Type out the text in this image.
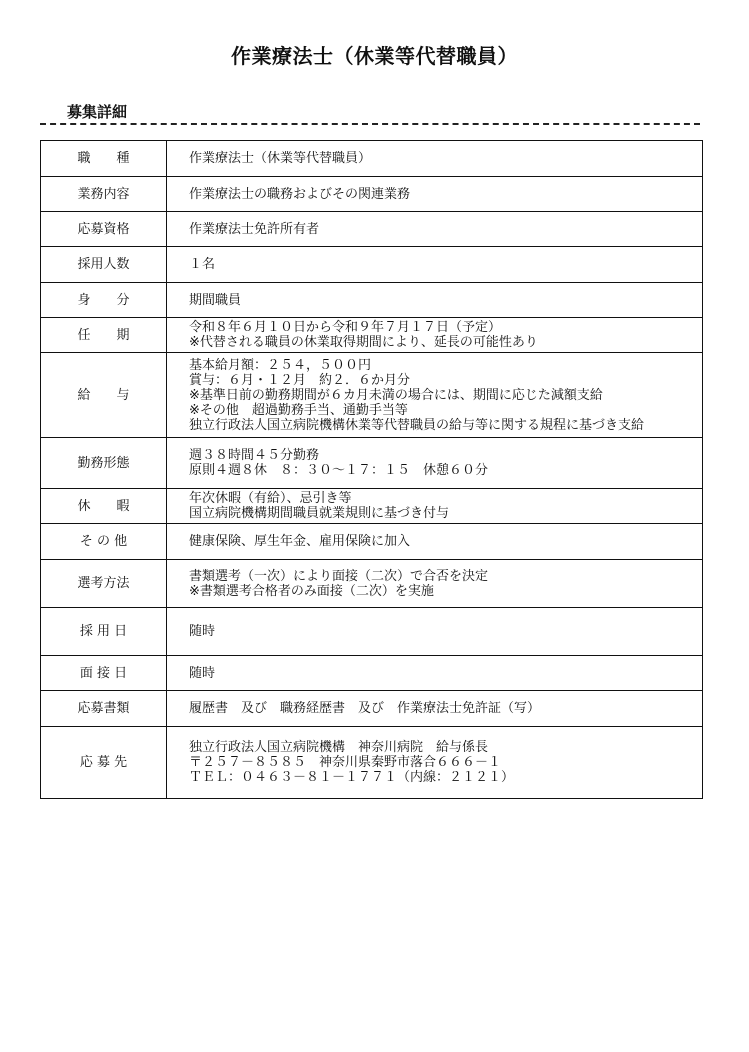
作業療法士（休業等代替職員）
募集詳細
職　　種	作業療法士（休業等代替職員）

業務内容	作業療法士の職務およびその関連業務

応募資格	作業療法士免許所有者

採用人数	１名

身　　分	期間職員

任　　期	令和８年６月１０日から令和９年７月１７日（予定）
※代替される職員の休業取得期間により、延長の可能性あり

給　　与	基本給月額：２５４，５００円
賞与：６月・１２月　約２．６か月分
※基準日前の勤務期間が６カ月未満の場合には、期間に応じた減額支給
※その他　超過勤務手当、通勤手当等
独立行政法人国立病院機構休業等代替職員の給与等に関する規程に基づき支給

勤務形態	週３８時間４５分勤務
原則４週８休　８：３０～１７：１５　休憩６０分

休　　暇	年次休暇（有給）、忌引き等
国立病院機構期間職員就業規則に基づき付与

そ の 他	健康保険、厚生年金、雇用保険に加入

選考方法	書類選考（一次）により面接（二次）で合否を決定
※書類選考合格者のみ面接（二次）を実施

採 用 日	随時

面 接 日	随時

応募書類	履歴書　及び　職務経歴書　及び　作業療法士免許証（写）

応 募 先	独立行政法人国立病院機構　神奈川病院　給与係長
〒２５７－８５８５　神奈川県秦野市落合６６６－１
ＴＥＬ：０４６３－８１－１７７１（内線：２１２１）
